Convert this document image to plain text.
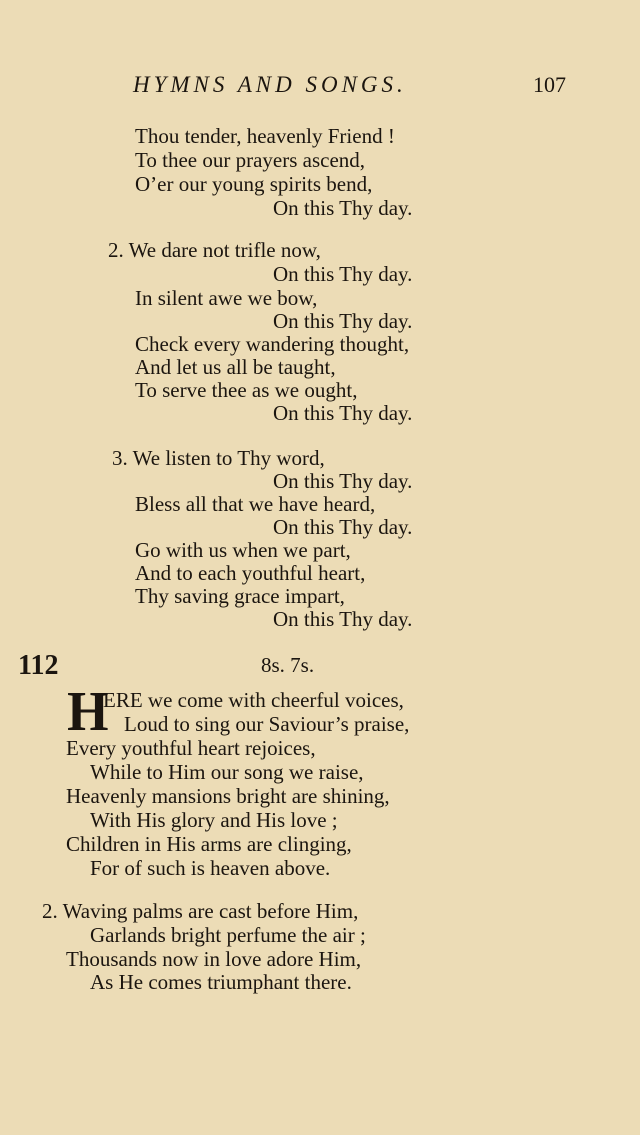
HYMNS AND SONGS.	107
Thou tender, heavenly Friend !
To thee our prayers ascend,
O’er our young spirits bend,
On this Thy day.
2. We dare not trifle now,
On this Thy day.
In silent awe we bow,
On this Thy day.
Check every wandering thought,
And let us all be taught,
To serve thee as we ought,
On this Thy day.
3. We listen to Thy word,
On this Thy day.
Bless all that we have heard,
On this Thy day.
Go with us when we part,
And to each youthful heart,
Thy saving grace impart,
On this Thy day.
112	8s. 7s.
H
ERE we come with cheerful voices,
Loud to sing our Saviour’s praise,
Every youthful heart rejoices,
While to Him our song we raise,
Heavenly mansions bright are shining,
With His glory and His love ;
Children in His arms are clinging,
For of such is heaven above.
2. Waving palms are cast before Him,
Garlands bright perfume the air ;
Thousands now in love adore Him,
As He comes triumphant there.
